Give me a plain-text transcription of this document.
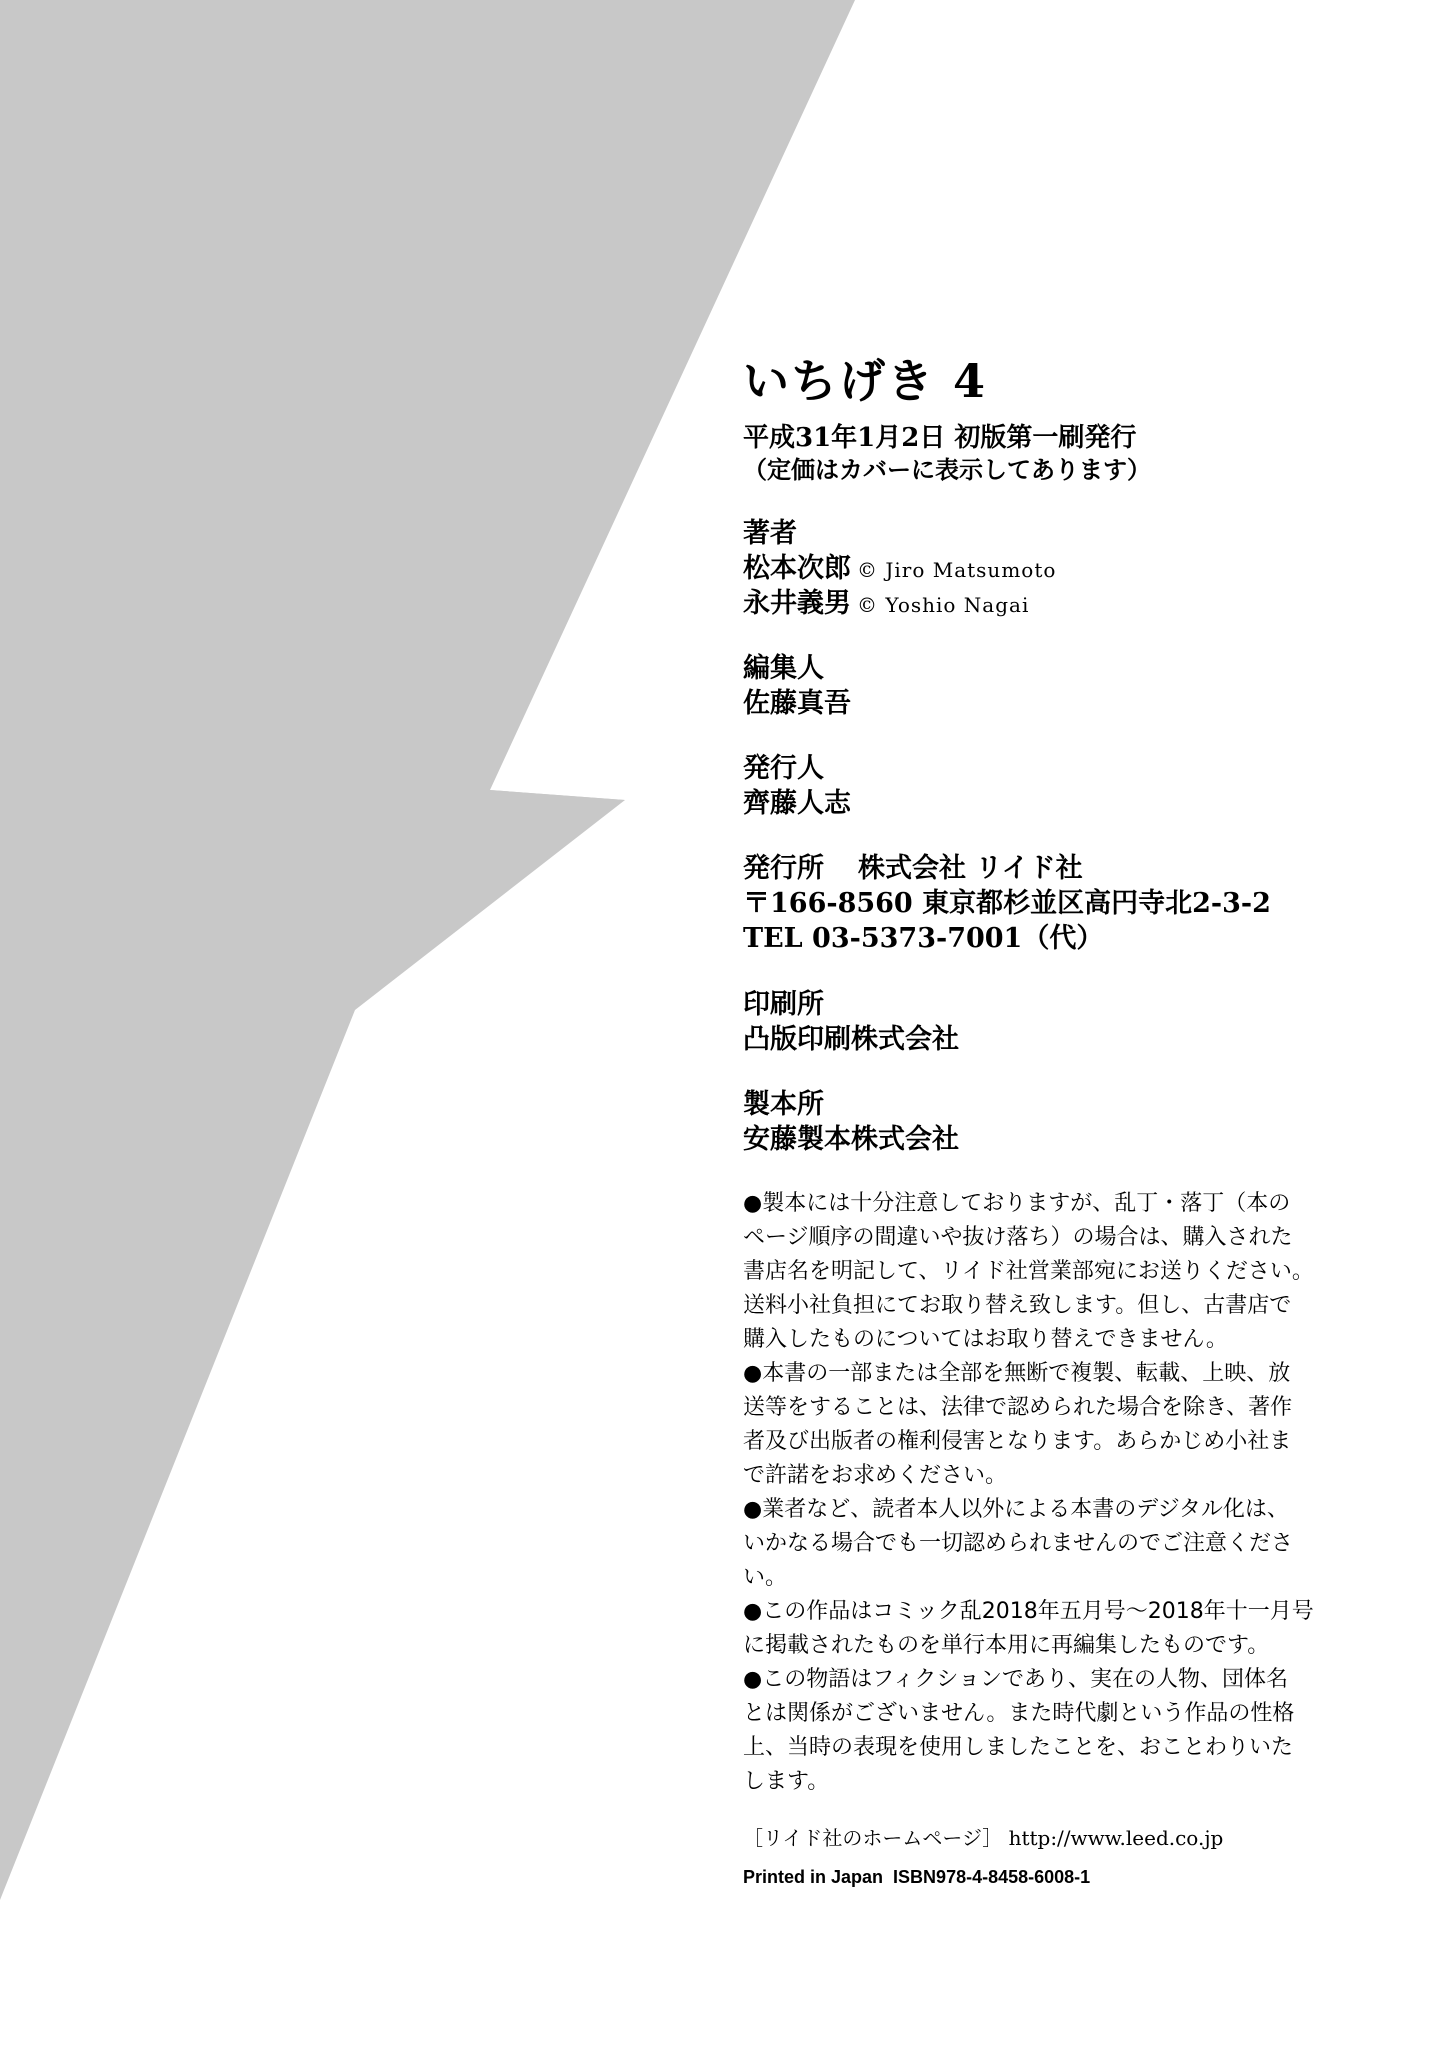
いちげき 4
平成31年1月2日 初版第一刷発行
（定価はカバーに表示してあります）
著者
松本次郎 © Jiro Matsumoto
永井義男 © Yoshio Nagai
編集人
佐藤真吾
発行人
齊藤人志
発行所 株式会社 リイド社
〒166-8560 東京都杉並区高円寺北2-3-2
TEL 03-5373-7001（代）
印刷所
凸版印刷株式会社
製本所
安藤製本株式会社
●製本には十分注意しておりますが、乱丁・落丁（本の
ページ順序の間違いや抜け落ち）の場合は、購入された
書店名を明記して、リイド社営業部宛にお送りください。
送料小社負担にてお取り替え致します。但し、古書店で
購入したものについてはお取り替えできません。
●本書の一部または全部を無断で複製、転載、上映、放
送等をすることは、法律で認められた場合を除き、著作
者及び出版者の権利侵害となります。あらかじめ小社ま
で許諾をお求めください。
●業者など、読者本人以外による本書のデジタル化は、
いかなる場合でも一切認められませんのでご注意くださ
い。
●この作品はコミック乱2018年五月号～2018年十一月号
に掲載されたものを単行本用に再編集したものです。
●この物語はフィクションであり、実在の人物、団体名
とは関係がございません。また時代劇という作品の性格
上、当時の表現を使用しましたことを、おことわりいた
します。
［リイド社のホームページ］ http://www.leed.co.jp
Printed in Japan ISBN978-4-8458-6008-1
